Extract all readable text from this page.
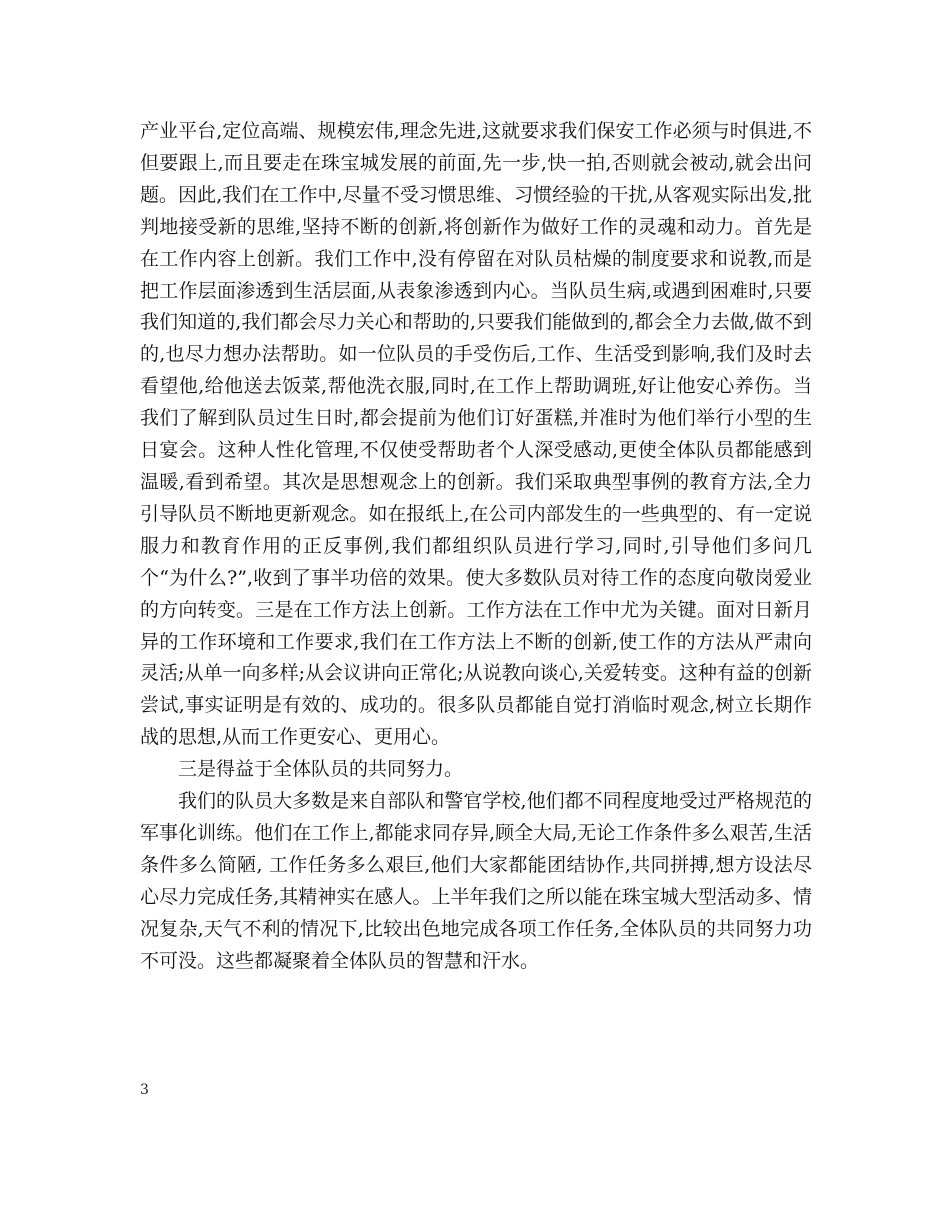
产业平台,定位高端、规模宏伟,理念先进,这就要求我们保安工作必须与时俱进,不但要跟上,而且要走在珠宝城发展的前面,先一步,快一拍,否则就会被动,就会出问题。因此,我们在工作中,尽量不受习惯思维、习惯经验的干扰,从客观实际出发,批判地接受新的思维,坚持不断的创新,将创新作为做好工作的灵魂和动力。首先是在工作内容上创新。我们工作中,没有停留在对队员枯燥的制度要求和说教,而是把工作层面渗透到生活层面,从表象渗透到内心。当队员生病,或遇到困难时,只要我们知道的,我们都会尽力关心和帮助的,只要我们能做到的,都会全力去做,做不到的,也尽力想办法帮助。如一位队员的手受伤后,工作、生活受到影响,我们及时去看望他,给他送去饭菜,帮他洗衣服,同时,在工作上帮助调班,好让他安心养伤。当我们了解到队员过生日时,都会提前为他们订好蛋糕,并准时为他们举行小型的生日宴会。这种人性化管理,不仅使受帮助者个人深受感动,更使全体队员都能感到温暖,看到希望。其次是思想观念上的创新。我们采取典型事例的教育方法,全力引导队员不断地更新观念。如在报纸上,在公司内部发生的一些典型的、有一定说服力和教育作用的正反事例,我们都组织队员进行学习,同时,引导他们多问几个“为什么?”,收到了事半功倍的效果。使大多数队员对待工作的态度向敬岗爱业的方向转变。三是在工作方法上创新。工作方法在工作中尤为关键。面对日新月异的工作环境和工作要求,我们在工作方法上不断的创新,使工作的方法从严肃向灵活;从单一向多样;从会议讲向正常化;从说教向谈心,关爱转变。这种有益的创新尝试,事实证明是有效的、成功的。很多队员都能自觉打消临时观念,树立长期作战的思想,从而工作更安心、更用心。

三是得益于全体队员的共同努力。

我们的队员大多数是来自部队和警官学校,他们都不同程度地受过严格规范的军事化训练。他们在工作上,都能求同存异,顾全大局,无论工作条件多么艰苦,生活条件多么简陋, 工作任务多么艰巨,他们大家都能团结协作,共同拼搏,想方设法尽心尽力完成任务,其精神实在感人。上半年我们之所以能在珠宝城大型活动多、情况复杂,天气不利的情况下,比较出色地完成各项工作任务,全体队员的共同努力功不可没。这些都凝聚着全体队员的智慧和汗水。

3
